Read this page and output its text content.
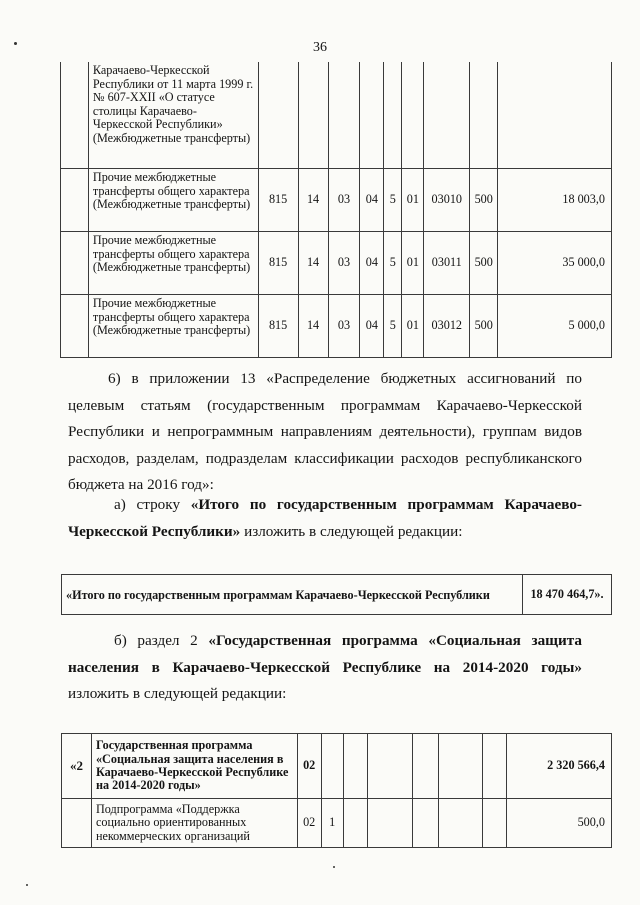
36
	Карачаево-Черкесской Республики от 11 марта 1999 г. № 607-XXII «О статусе столицы Карачаево-Черкесской Республики» (Межбюджетные трансферты)									
	Прочие межбюджетные трансферты общего характера (Межбюджетные трансферты)	815	14	03	04	5	01	03010	500	18 003,0
	Прочие межбюджетные трансферты общего характера (Межбюджетные трансферты)	815	14	03	04	5	01	03011	500	35 000,0
	Прочие межбюджетные трансферты общего характера (Межбюджетные трансферты)	815	14	03	04	5	01	03012	500	5 000,0
6) в приложении 13 «Распределение бюджетных ассигнований по целевым статьям (государственным программам Карачаево-Черкесской Республики и непрограммным направлениям деятельности), группам видов расходов, разделам, подразделам классификации расходов республиканского бюджета на 2016 год»:
а) строку «Итого по государственным программам Карачаево-Черкесской Республики» изложить в следующей редакции:
«Итого по государственным программам Карачаево-Черкесской Республики	18 470 464,7».
б) раздел 2 «Государственная программа «Социальная защита населения в Карачаево-Черкесской Республике на 2014-2020 годы» изложить в следующей редакции:
«2	Государственная программа «Социальная защита населения в Карачаево-Черкесской Республике на 2014-2020 годы»	02							2 320 566,4
	Подпрограмма «Поддержка социально ориентированных некоммерческих организаций	02	1						500,0
